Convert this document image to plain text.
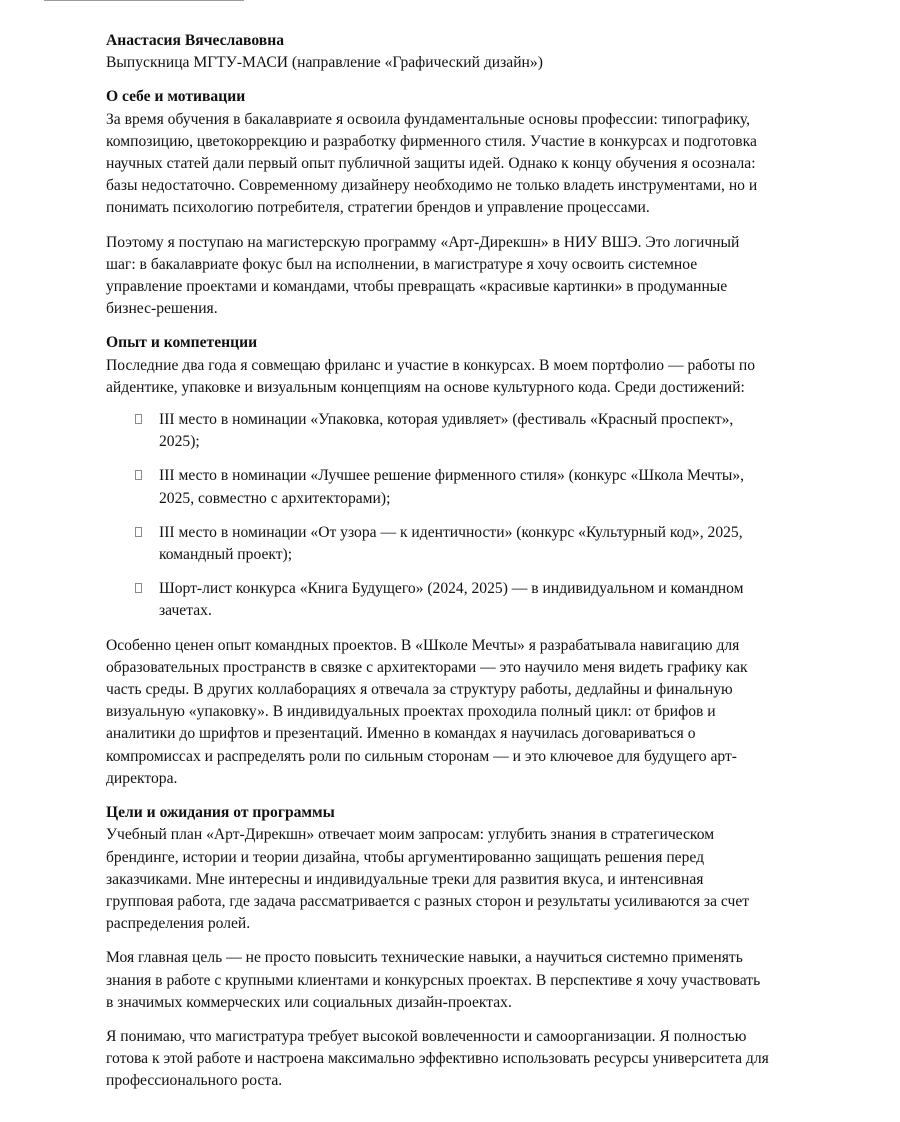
Анастасия Вячеславовна
Выпускница МГТУ-МАСИ (направление «Графический дизайн»)
О себе и мотивации
За время обучения в бакалавриате я освоила фундаментальные основы профессии: типографику,
композицию, цветокоррекцию и разработку фирменного стиля. Участие в конкурсах и подготовка
научных статей дали первый опыт публичной защиты идей. Однако к концу обучения я осознала:
базы недостаточно. Современному дизайнеру необходимо не только владеть инструментами, но и
понимать психологию потребителя, стратегии брендов и управление процессами.
Поэтому я поступаю на магистерскую программу «Арт-Дирекшн» в НИУ ВШЭ. Это логичный
шаг: в бакалавриате фокус был на исполнении, в магистратуре я хочу освоить системное
управление проектами и командами, чтобы превращать «красивые картинки» в продуманные
бизнес-решения.
Опыт и компетенции
Последние два года я совмещаю фриланс и участие в конкурсах. В моем портфолио — работы по
айдентике, упаковке и визуальным концепциям на основе культурного кода. Среди достижений:
III место в номинации «Упаковка, которая удивляет» (фестиваль «Красный проспект»,
2025);
III место в номинации «Лучшее решение фирменного стиля» (конкурс «Школа Мечты»,
2025, совместно с архитекторами);
III место в номинации «От узора — к идентичности» (конкурс «Культурный код», 2025,
командный проект);
Шорт-лист конкурса «Книга Будущего» (2024, 2025) — в индивидуальном и командном
зачетах.
Особенно ценен опыт командных проектов. В «Школе Мечты» я разрабатывала навигацию для
образовательных пространств в связке с архитекторами — это научило меня видеть графику как
часть среды. В других коллаборациях я отвечала за структуру работы, дедлайны и финальную
визуальную «упаковку». В индивидуальных проектах проходила полный цикл: от брифов и
аналитики до шрифтов и презентаций. Именно в командах я научилась договариваться о
компромиссах и распределять роли по сильным сторонам — и это ключевое для будущего арт-
директора.
Цели и ожидания от программы
Учебный план «Арт-Дирекшн» отвечает моим запросам: углубить знания в стратегическом
брендинге, истории и теории дизайна, чтобы аргументированно защищать решения перед
заказчиками. Мне интересны и индивидуальные треки для развития вкуса, и интенсивная
групповая работа, где задача рассматривается с разных сторон и результаты усиливаются за счет
распределения ролей.
Моя главная цель — не просто повысить технические навыки, а научиться системно применять
знания в работе с крупными клиентами и конкурсных проектах. В перспективе я хочу участвовать
в значимых коммерческих или социальных дизайн-проектах.
Я понимаю, что магистратура требует высокой вовлеченности и самоорганизации. Я полностью
готова к этой работе и настроена максимально эффективно использовать ресурсы университета для
профессионального роста.
